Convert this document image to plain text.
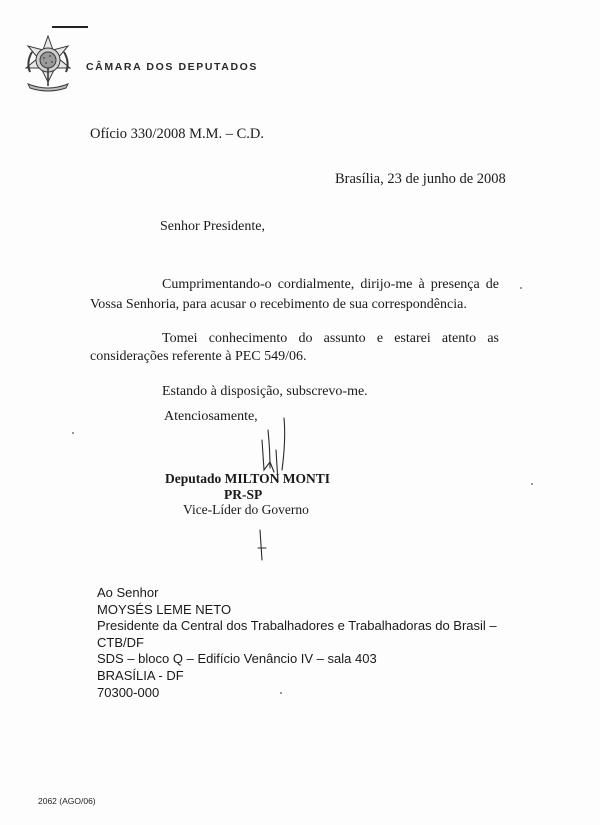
CÂMARA DOS DEPUTADOS
Ofício 330/2008 M.M. – C.D.
Brasília, 23 de junho de 2008
Senhor Presidente,
Cumprimentando-o cordialmente, dirijo-me à presença de
Vossa Senhoria, para acusar o recebimento de sua correspondência.
Tomei conhecimento do assunto e estarei atento as
considerações referente à PEC 549/06.
Estando à disposição, subscrevo-me.
Atenciosamente,
Deputado MILTON MONTI
PR-SP
Vice-Líder do Governo
Ao Senhor
MOYSÉS LEME NETO
Presidente da Central dos Trabalhadores e Trabalhadoras do Brasil –
CTB/DF
SDS – bloco Q – Edifício Venâncio IV – sala 403
BRASÍLIA - DF
70300-000
2062 (AGO/06)
